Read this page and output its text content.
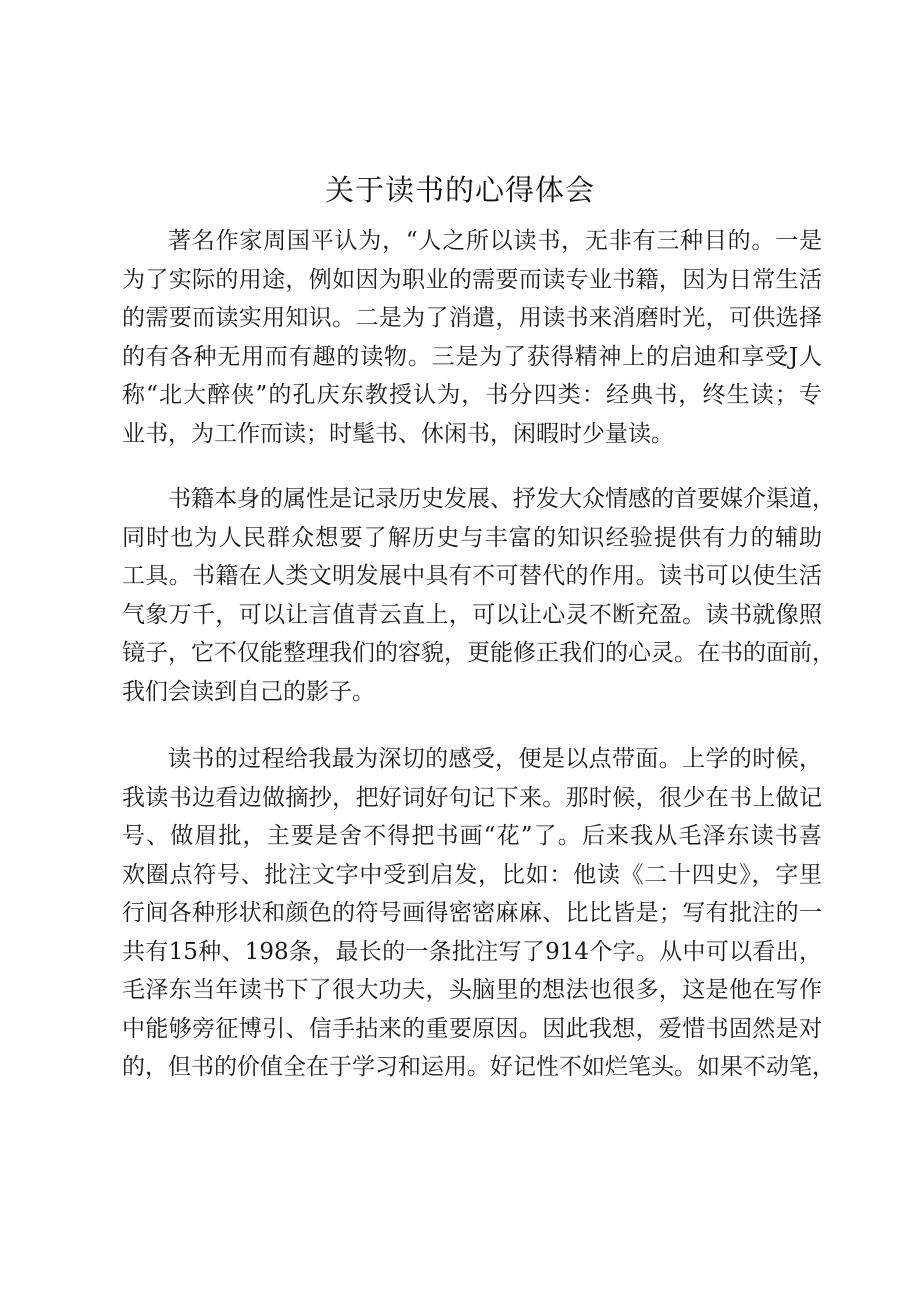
关于读书的心得体会
著名作家周国平认为，“人之所以读书，无非有三种目的。一是
为了实际的用途，例如因为职业的需要而读专业书籍，因为日常生活
的需要而读实用知识。二是为了消遣，用读书来消磨时光，可供选择
的有各种无用而有趣的读物。三是为了获得精神上的启迪和享受J人
称“北大醉侠”的孔庆东教授认为，书分四类：经典书，终生读；专
业书，为工作而读；时髦书、休闲书，闲暇时少量读。
书籍本身的属性是记录历史发展、抒发大众情感的首要媒介渠道，
同时也为人民群众想要了解历史与丰富的知识经验提供有力的辅助
工具。书籍在人类文明发展中具有不可替代的作用。读书可以使生活
气象万千，可以让言值青云直上，可以让心灵不断充盈。读书就像照
镜子，它不仅能整理我们的容貌，更能修正我们的心灵。在书的面前，
我们会读到自己的影子。
读书的过程给我最为深切的感受，便是以点带面。上学的时候，
我读书边看边做摘抄，把好词好句记下来。那时候，很少在书上做记
号、做眉批，主要是舍不得把书画“花”了。后来我从毛泽东读书喜
欢圈点符号、批注文字中受到启发，比如：他读《二十四史》，字里
行间各种形状和颜色的符号画得密密麻麻、比比皆是；写有批注的一
共有15种、198条，最长的一条批注写了914个字。从中可以看出，
毛泽东当年读书下了很大功夫，头脑里的想法也很多，这是他在写作
中能够旁征博引、信手拈来的重要原因。因此我想，爱惜书固然是对
的，但书的价值全在于学习和运用。好记性不如烂笔头。如果不动笔，
